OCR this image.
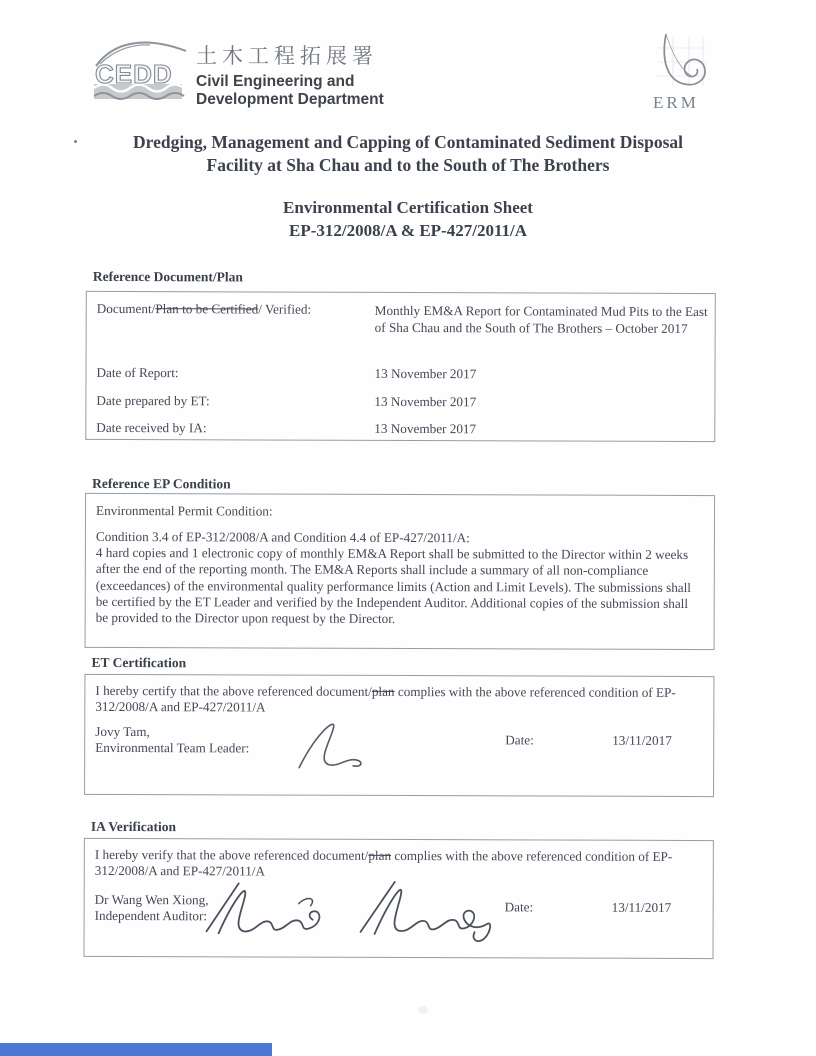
CEDD
土木工程拓展署
Civil Engineering and
Development Department	ERM
Dredging, Management and Capping of Contaminated Sediment Disposal
Facility at Sha Chau and to the South of The Brothers
Environmental Certification Sheet
EP-312/2008/A & EP-427/2011/A
Reference Document/Plan
Document/Plan to be Certified/ Verified:	Monthly EM&A Report for Contaminated Mud Pits to the East of Sha Chau and the South of The Brothers – October 2017
Date of Report:	13 November 2017
Date prepared by ET:	13 November 2017
Date received by IA:	13 November 2017
Reference EP Condition
Environmental Permit Condition:
Condition 3.4 of EP-312/2008/A and Condition 4.4 of EP-427/2011/A:
4 hard copies and 1 electronic copy of monthly EM&A Report shall be submitted to the Director within 2 weeks after the end of the reporting month. The EM&A Reports shall include a summary of all non-compliance (exceedances) of the environmental quality performance limits (Action and Limit Levels). The submissions shall be certified by the ET Leader and verified by the Independent Auditor. Additional copies of the submission shall be provided to the Director upon request by the Director.
ET Certification
I hereby certify that the above referenced document/plan complies with the above referenced condition of EP-312/2008/A and EP-427/2011/A
Jovy Tam,
Environmental Team Leader:
Date:	13/11/2017
IA Verification
I hereby verify that the above referenced document/plan complies with the above referenced condition of EP-312/2008/A and EP-427/2011/A
Dr Wang Wen Xiong,
Independent Auditor:
Date:	13/11/2017
